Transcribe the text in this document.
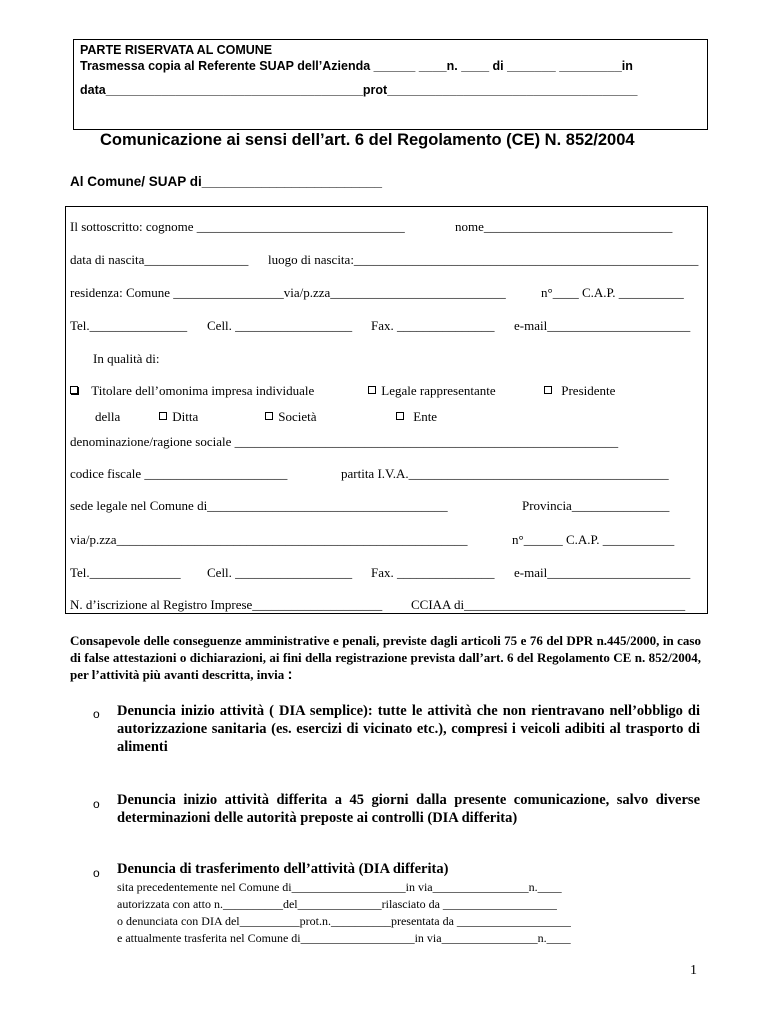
PARTE RISERVATA AL COMUNE
Trasmessa copia al Referente SUAP dell’Azienda ______ ____n. ____ di _______ _________in
data_____________________________________prot____________________________________
Comunicazione ai sensi dell’art. 6 del Regolamento (CE) N. 852/2004
Al Comune/ SUAP di________________________
Il sottoscritto: cognome ________________________________	nome_____________________________
data di nascita________________ luogo di nascita:_____________________________________________________
residenza: Comune _________________via/p.zza___________________________	n°____ C.A.P. __________
Tel._______________ Cell. __________________ Fax. _______________ e-mail______________________
In qualità di:
Titolare dell’omonima impresa individuale	Legale rappresentante	Presidente
della	Ditta	Società	Ente
denominazione/ragione sociale ___________________________________________________________
codice fiscale ______________________	partita I.V.A.________________________________________
sede legale nel Comune di_____________________________________	Provincia_______________
via/p.zza______________________________________________________	n°______ C.A.P. ___________
Tel.______________ Cell. __________________ Fax. _______________ e-mail______________________
N. d’iscrizione al Registro Imprese____________________ CCIAA di__________________________________
Consapevole delle conseguenze amministrative e penali, previste dagli articoli 75 e 76 del DPR n.445/2000, in caso di false attestazioni o dichiarazioni, ai fini della registrazione prevista dall’art. 6 del Regolamento CE n. 852/2004, per l’attività più avanti descritta, invia :
o Denuncia inizio attività ( DIA semplice): tutte le attività che non rientravano nell’obbligo di autorizzazione sanitaria (es. esercizi di vicinato etc.), compresi i veicoli adibiti al trasporto di alimenti
o Denuncia inizio attività differita a 45 giorni dalla presente comunicazione, salvo diverse determinazioni delle autorità preposte ai controlli (DIA differita)
o Denuncia di trasferimento dell’attività (DIA differita)
sita precedentemente nel Comune di___________________in via________________n.____
autorizzata con atto n.__________del______________rilasciato da ___________________
o denunciata con DIA del__________prot.n.__________presentata da ___________________
e attualmente trasferita nel Comune di___________________in via________________n.____
1
